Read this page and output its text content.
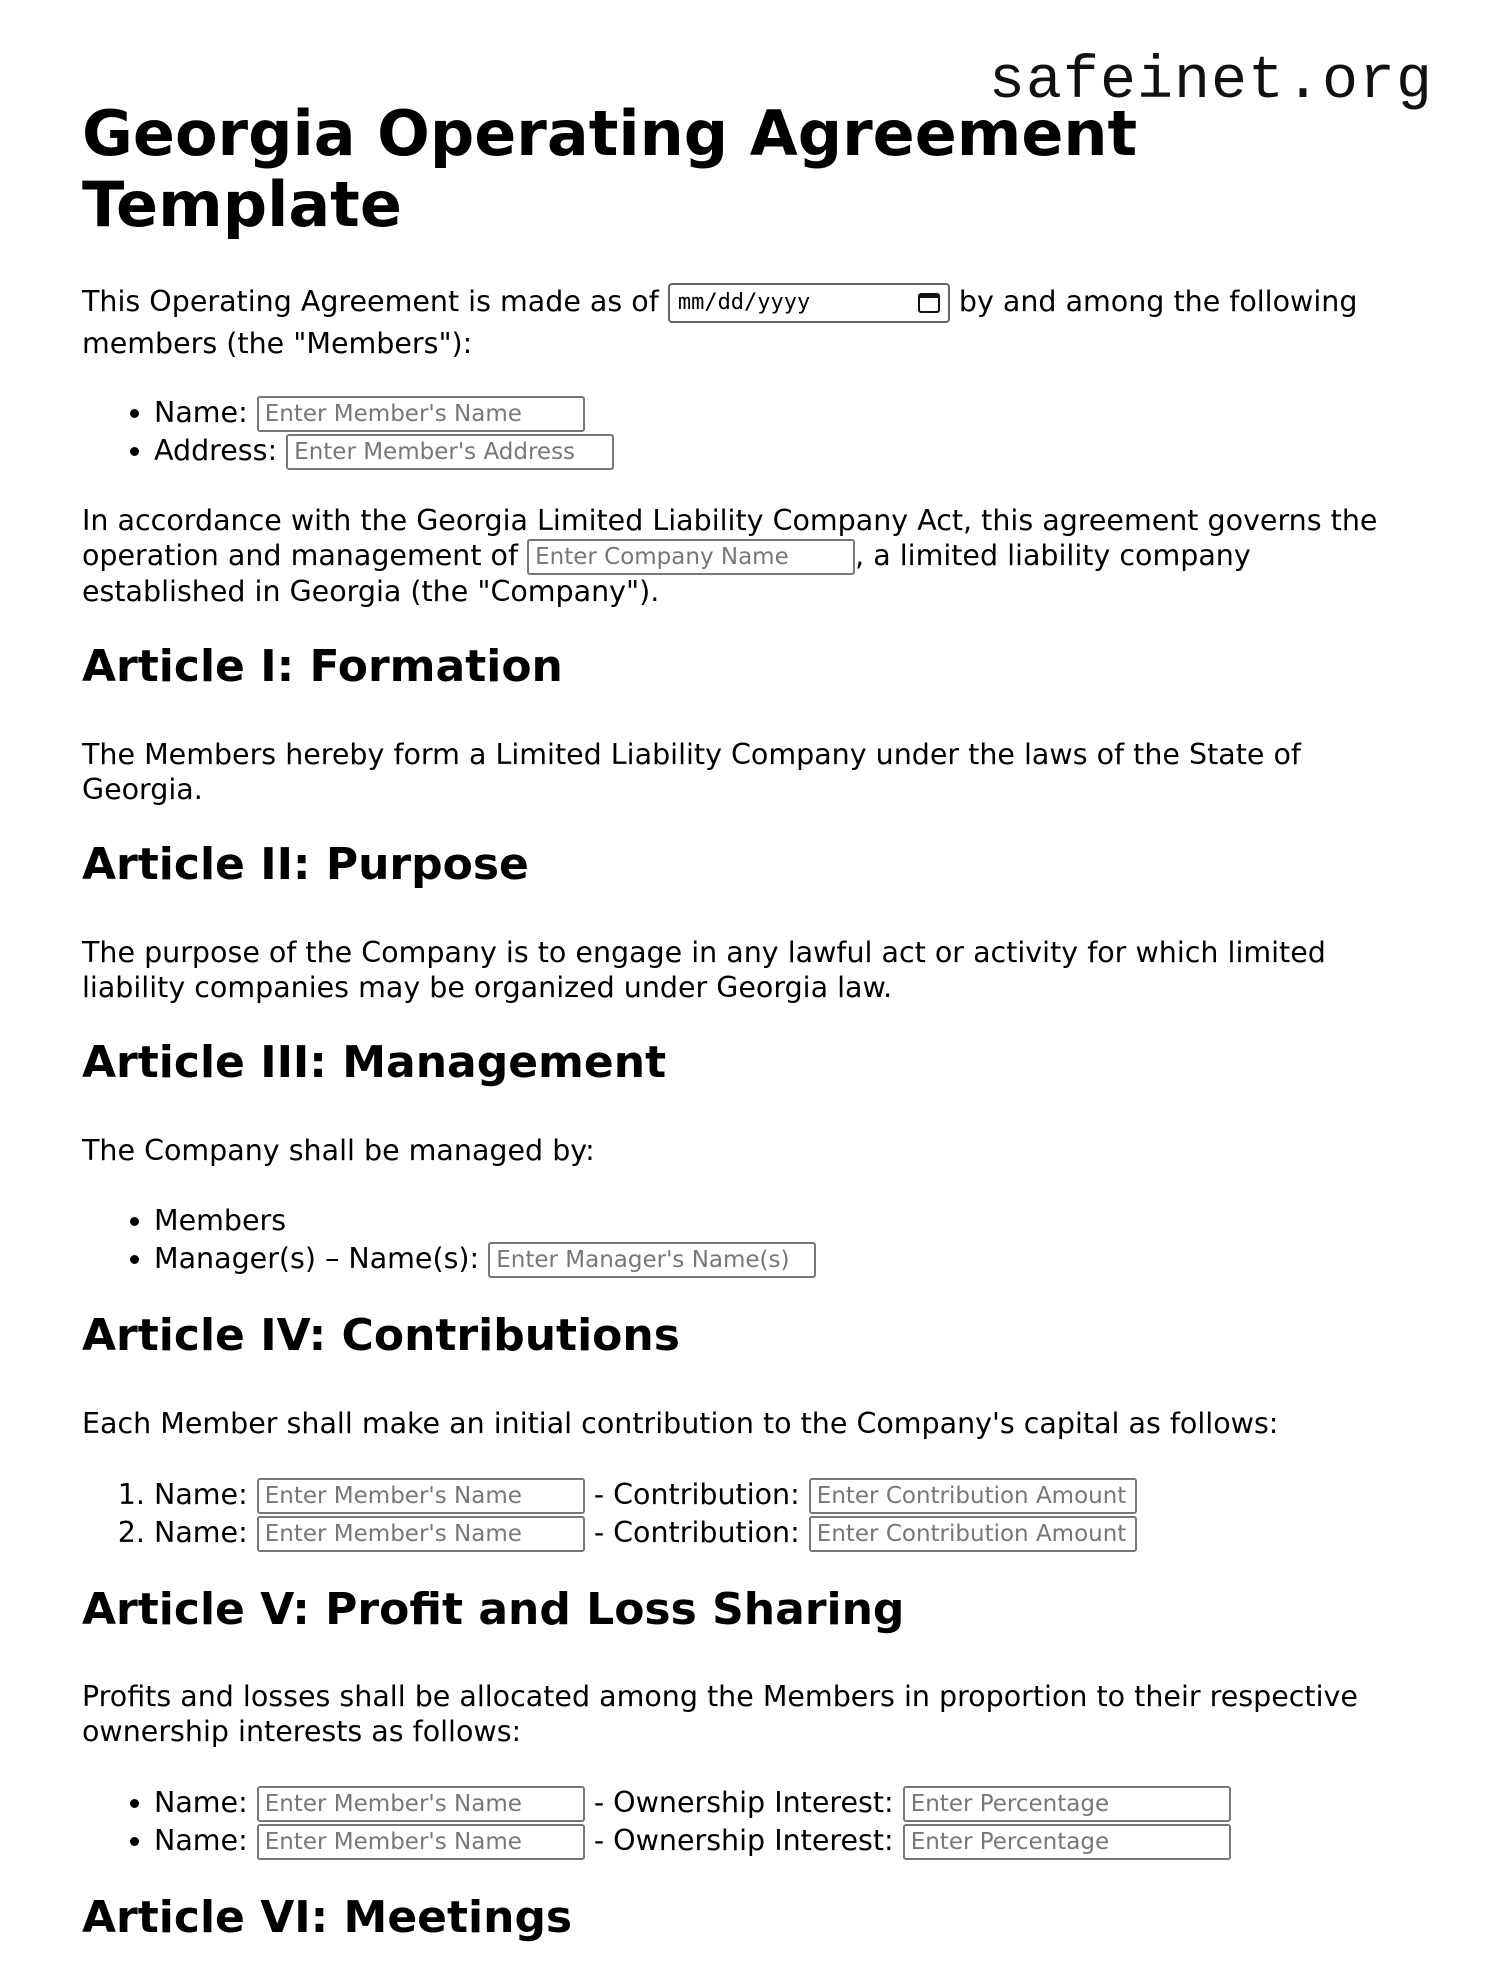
safeinet.org
Georgia Operating Agreement Template

This Operating Agreement is made as of mm/dd/yyyy	by and among the following members (the "Members"):

• Name: Enter Member's Name
• Address: Enter Member's Address

In accordance with the Georgia Limited Liability Company Act, this agreement governs the operation and management of Enter Company Name	, a limited liability company established in Georgia (the "Company").

Article I: Formation

The Members hereby form a Limited Liability Company under the laws of the State of Georgia.

Article II: Purpose

The purpose of the Company is to engage in any lawful act or activity for which limited liability companies may be organized under Georgia law.

Article III: Management

The Company shall be managed by:

• Members
• Manager(s) – Name(s): Enter Manager's Name(s)
Article IV: Contributions

Each Member shall make an initial contribution to the Company's capital as follows:

1. Name: Enter Member's Name	- Contribution: Enter Contribution Amount
2. Name: Enter Member's Name	- Contribution: Enter Contribution Amount
Article V: Profit and Loss Sharing

Profits and losses shall be allocated among the Members in proportion to their respective ownership interests as follows:

• Name: Enter Member's Name	- Ownership Interest: Enter Percentage
• Name: Enter Member's Name	- Ownership Interest: Enter Percentage
Article VI: Meetings
